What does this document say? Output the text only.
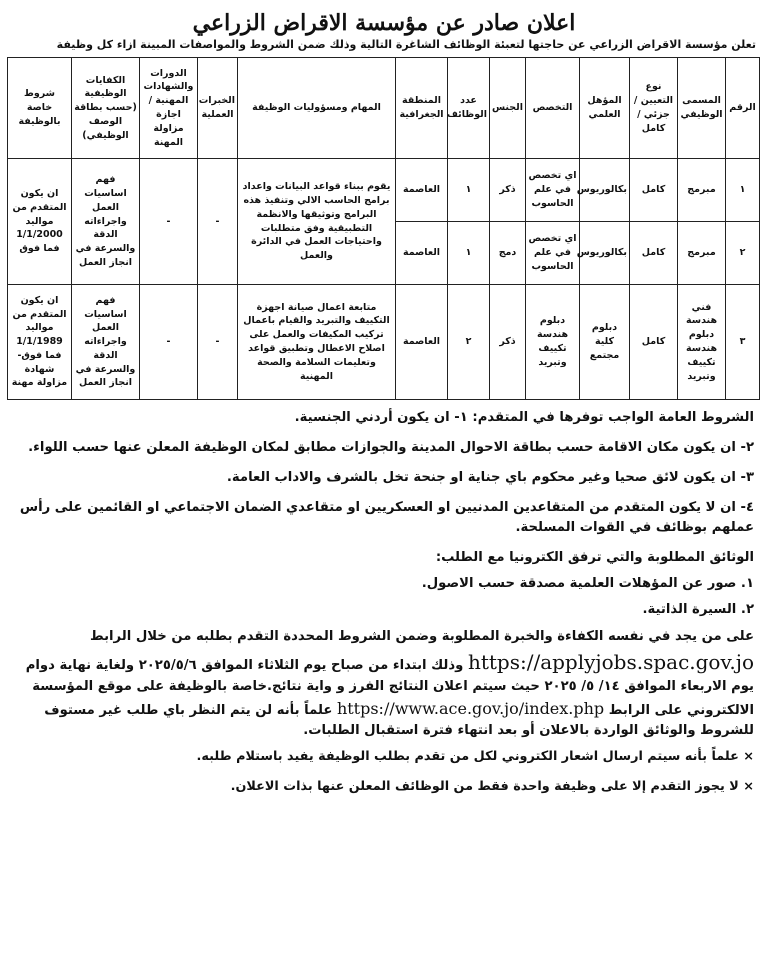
اعلان صادر عن مؤسسة الاقراض الزراعي
تعلن مؤسسة الاقراض الزراعي عن حاجتها لتعبئة الوظائف الشاغرة التالية وذلك ضمن الشروط والمواصفات المبينة ازاء كل وظيفة
الرقم	المسمى الوظيفي	نوع التعيين / جزئي / كامل	المؤهل العلمي	التخصص	الجنس	عدد الوظائف	المنطقة الجغرافية	المهام ومسؤوليات الوظيفة	الخبرات العملية	الدورات والشهادات المهنية / اجازة مزاولة المهنة	الكفايات الوظيفية (حسب بطاقة الوصف الوظيفي)	شروط خاصة بالوظيفة
١	مبرمج	كامل	بكالوريوس	اي تخصص في علم الحاسوب	ذكر	١	العاصمة	يقوم ببناء قواعد البيانات واعداد برامج الحاسب الالي وتنفيذ هذه البرامج وتوثيقها والانظمة التطبيقية وفق متطلبات واحتياجات العمل في الدائرة والعمل	-	-	فهم اساسيات العمل واجراءاته الدقة والسرعة في انجاز العمل	ان يكون المتقدم من مواليد 1/1/2000 فما فوق
٢	مبرمج	كامل	بكالوريوس	اي تخصص في علم الحاسوب	دمج	١	العاصمة					
٣	فني هندسة دبلوم هندسة تكييف وتبريد	كامل	دبلوم كلية مجتمع	دبلوم هندسة تكييف وتبريد	ذكر	٢	العاصمة	متابعة اعمال صيانة اجهزة التكييف والتبريد والقيام باعمال تركيب المكيفات والعمل على اصلاح الاعطال وتطبيق قواعد وتعليمات السلامة والصحة المهنية	-	-	فهم اساسيات العمل واجراءاته الدقة والسرعة في انجاز العمل	ان يكون المتقدم من مواليد 1/1/1989 فما فوق- شهادة مزاولة مهنة

الشروط العامة الواجب توفرها في المتقدم: ١- ان يكون أردني الجنسية.

٢- ان يكون مكان الاقامة حسب بطاقة الاحوال المدينة والجوازات مطابق لمكان الوظيفة المعلن عنها حسب اللواء.

٣- ان يكون لائق صحيا وغير محكوم باي جناية او جنحة تخل بالشرف والاداب العامة.

٤- ان لا يكون المتقدم من المتقاعدين المدنيين او العسكريين او متقاعدي الضمان الاجتماعي او القائمين على رأس عملهم بوظائف في القوات المسلحة.

الوثائق المطلوبة والتي ترفق الكترونيا مع الطلب:

١. صور عن المؤهلات العلمية مصدقة حسب الاصول.

٢. السيرة الذاتية.

على من يجد في نفسه الكفاءة والخبرة المطلوبة وضمن الشروط المحددة التقدم بطلبه من خلال الرابط https://applyjobs.spac.gov.jo وذلك ابتداء من صباح يوم الثلاثاء الموافق ٢٠٢٥/٥/٦ ولغاية نهاية دوام يوم الاربعاء الموافق ١٤/ ٥/ ٢٠٢٥ حيث سيتم اعلان النتائج الفرز و واية نتائج.خاصة بالوظيفة على موقع المؤسسة الالكتروني على الرابط https://www.ace.gov.jo/index.php علماً بأنه لن يتم النظر باي طلب غير مستوف للشروط والوثائق الواردة بالاعلان أو بعد انتهاء فترة استقبال الطلبات.

× علماً بأنه سيتم ارسال اشعار الكتروني لكل من تقدم بطلب الوظيفة يفيد باستلام طلبه.

× لا يجوز التقدم إلا على وظيفة واحدة فقط من الوظائف المعلن عنها بذات الاعلان.
